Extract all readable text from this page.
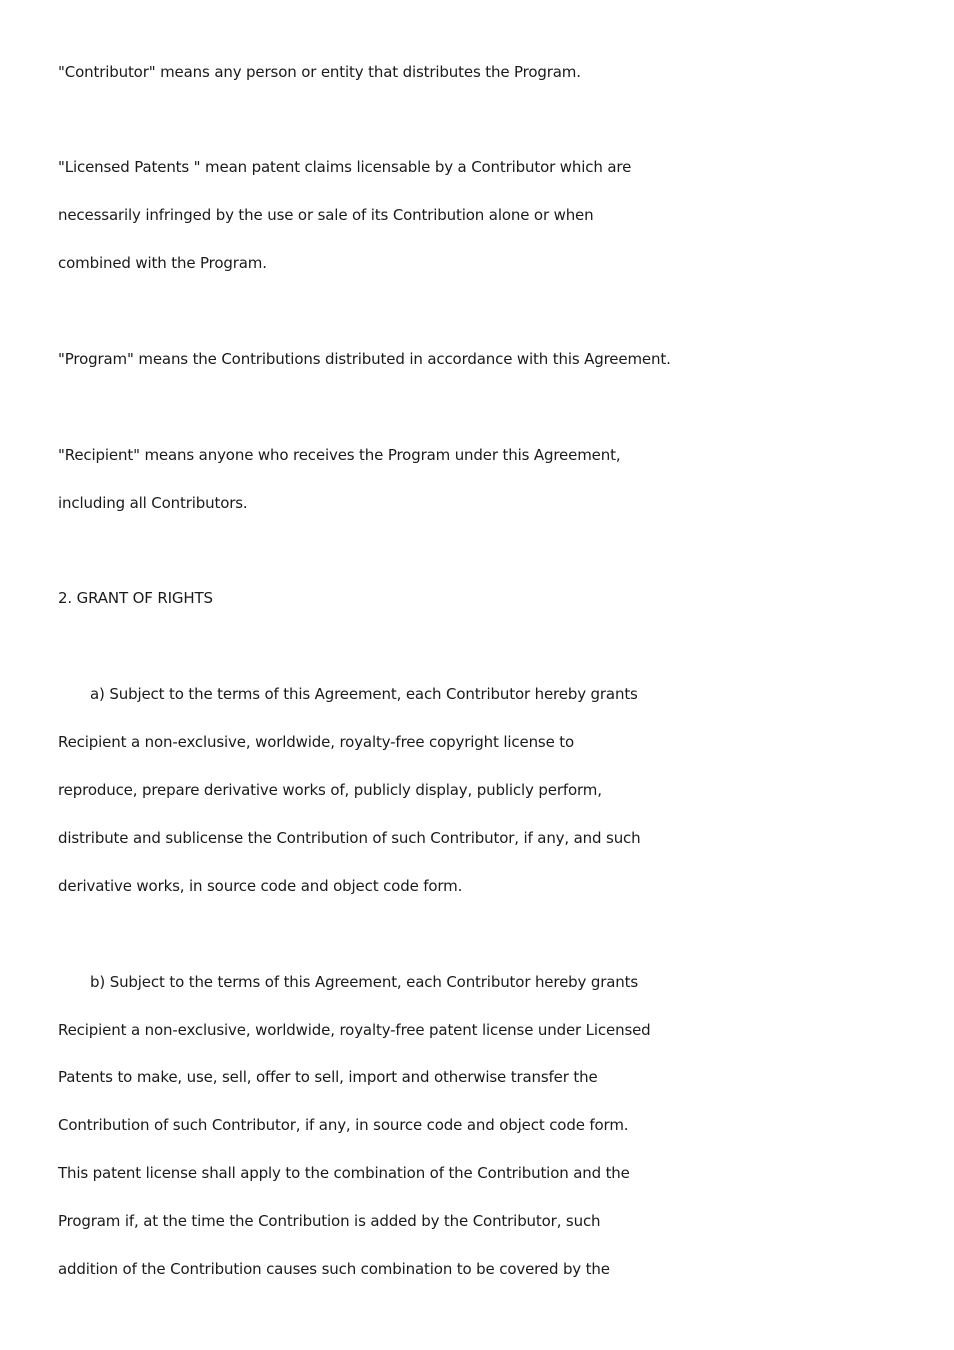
"Contributor" means any person or entity that distributes the Program.

"Licensed Patents " mean patent claims licensable by a Contributor which are

necessarily infringed by the use or sale of its Contribution alone or when

combined with the Program.

"Program" means the Contributions distributed in accordance with this Agreement.

"Recipient" means anyone who receives the Program under this Agreement,

including all Contributors.

2. GRANT OF RIGHTS

a) Subject to the terms of this Agreement, each Contributor hereby grants

Recipient a non-exclusive, worldwide, royalty-free copyright license to

reproduce, prepare derivative works of, publicly display, publicly perform,

distribute and sublicense the Contribution of such Contributor, if any, and such

derivative works, in source code and object code form.

b) Subject to the terms of this Agreement, each Contributor hereby grants

Recipient a non-exclusive, worldwide, royalty-free patent license under Licensed

Patents to make, use, sell, offer to sell, import and otherwise transfer the

Contribution of such Contributor, if any, in source code and object code form.

This patent license shall apply to the combination of the Contribution and the

Program if, at the time the Contribution is added by the Contributor, such

addition of the Contribution causes such combination to be covered by the
